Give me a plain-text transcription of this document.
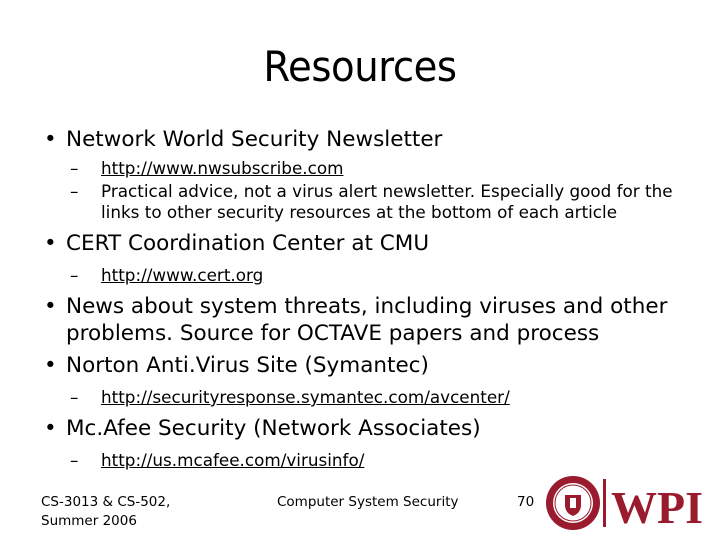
Resources
• Network World Security Newsletter
– http://www.nwsubscribe.com
– Practical advice, not a virus alert newsletter. Especially good for the links to other security resources at the bottom of each article
• CERT Coordination Center at CMU
– http://www.cert.org
• News about system threats, including viruses and other problems. Source for OCTAVE papers and process
• Norton Anti.Virus Site (Symantec)
– http://securityresponse.symantec.com/avcenter/
• Mc.Afee Security (Network Associates)
– http://us.mcafee.com/virusinfo/
CS-3013 & CS-502,
Summer 2006
Computer System Security	70 WPI
